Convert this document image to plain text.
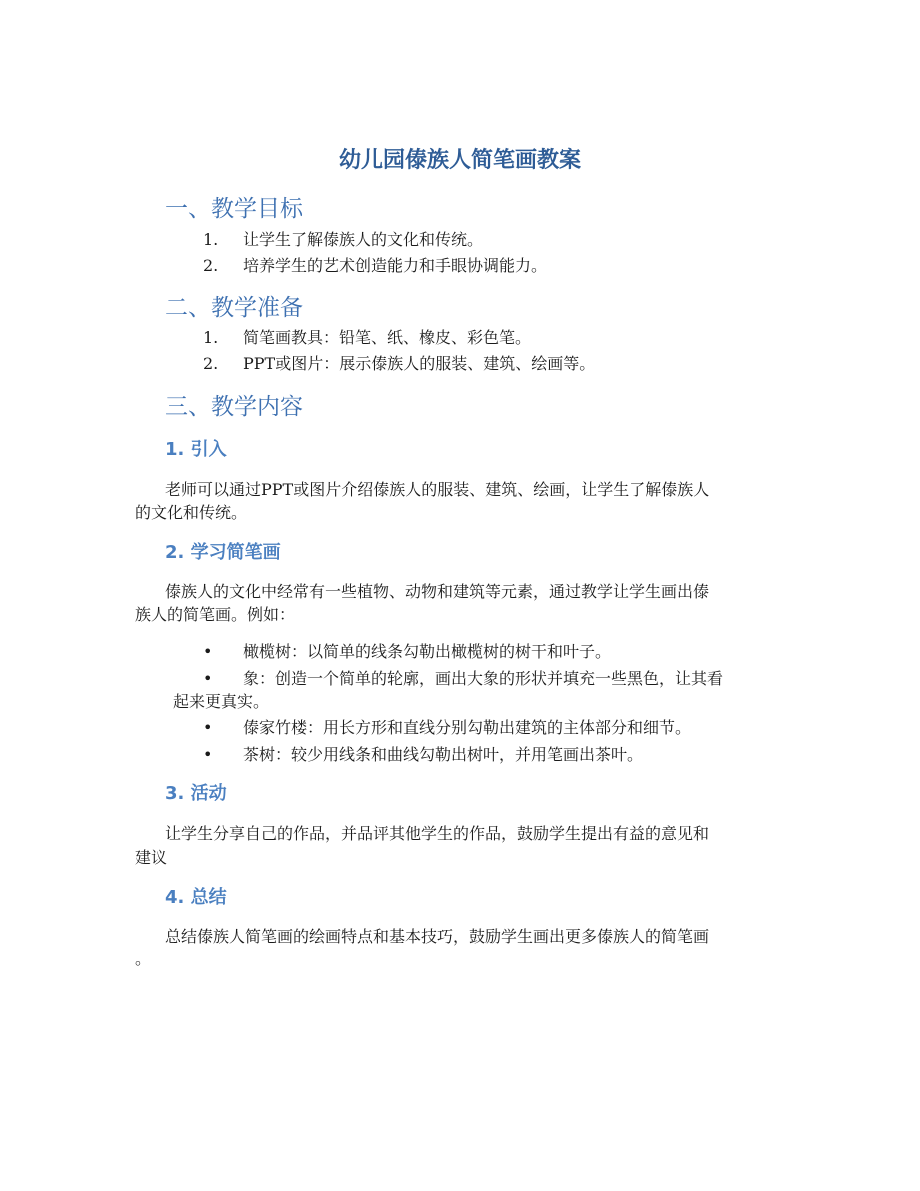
幼儿园傣族人简笔画教案
一、教学目标
1. 让学生了解傣族人的文化和传统。
2. 培养学生的艺术创造能力和手眼协调能力。
二、教学准备
1. 简笔画教具：铅笔、纸、橡皮、彩色笔。
2. PPT或图片：展示傣族人的服装、建筑、绘画等。
三、教学内容
1. 引入
老师可以通过PPT或图片介绍傣族人的服装、建筑、绘画，让学生了解傣族人
的文化和传统。
2. 学习简笔画
傣族人的文化中经常有一些植物、动物和建筑等元素，通过教学让学生画出傣
族人的简笔画。例如：
• 橄榄树：以简单的线条勾勒出橄榄树的树干和叶子。
• 象：创造一个简单的轮廓，画出大象的形状并填充一些黑色，让其看
起来更真实。
• 傣家竹楼：用长方形和直线分别勾勒出建筑的主体部分和细节。
• 茶树：较少用线条和曲线勾勒出树叶，并用笔画出茶叶。
3. 活动
让学生分享自己的作品，并品评其他学生的作品，鼓励学生提出有益的意见和
建议
4. 总结
总结傣族人简笔画的绘画特点和基本技巧，鼓励学生画出更多傣族人的简笔画
。
